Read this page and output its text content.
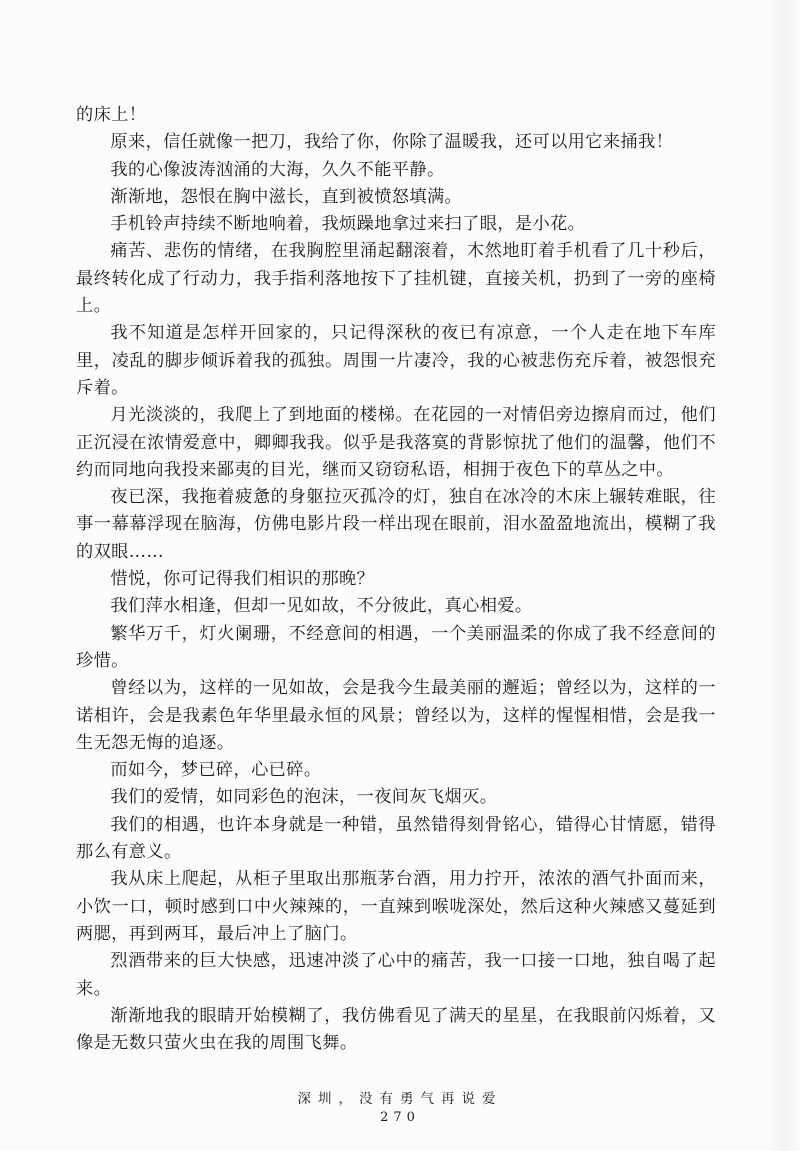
的床上！

原来，信任就像一把刀，我给了你，你除了温暖我，还可以用它来捅我！

我的心像波涛汹涌的大海，久久不能平静。

渐渐地，怨恨在胸中滋长，直到被愤怒填满。

手机铃声持续不断地响着，我烦躁地拿过来扫了眼，是小花。

痛苦、悲伤的情绪，在我胸腔里涌起翻滚着，木然地盯着手机看了几十秒后，最终转化成了行动力，我手指利落地按下了挂机键，直接关机，扔到了一旁的座椅上。

我不知道是怎样开回家的，只记得深秋的夜已有凉意，一个人走在地下车库里，凌乱的脚步倾诉着我的孤独。周围一片凄冷，我的心被悲伤充斥着，被怨恨充斥着。

月光淡淡的，我爬上了到地面的楼梯。在花园的一对情侣旁边擦肩而过，他们正沉浸在浓情爱意中，卿卿我我。似乎是我落寞的背影惊扰了他们的温馨，他们不约而同地向我投来鄙夷的目光，继而又窃窃私语，相拥于夜色下的草丛之中。

夜已深，我拖着疲惫的身躯拉灭孤冷的灯，独自在冰冷的木床上辗转难眠，往事一幕幕浮现在脑海，仿佛电影片段一样出现在眼前，泪水盈盈地流出，模糊了我的双眼……

惜悦，你可记得我们相识的那晚？

我们萍水相逢，但却一见如故，不分彼此，真心相爱。

繁华万千，灯火阑珊，不经意间的相遇，一个美丽温柔的你成了我不经意间的珍惜。

曾经以为，这样的一见如故，会是我今生最美丽的邂逅；曾经以为，这样的一诺相许，会是我素色年华里最永恒的风景；曾经以为，这样的惺惺相惜，会是我一生无怨无悔的追逐。

而如今，梦已碎，心已碎。

我们的爱情，如同彩色的泡沫，一夜间灰飞烟灭。

我们的相遇，也许本身就是一种错，虽然错得刻骨铭心，错得心甘情愿，错得那么有意义。

我从床上爬起，从柜子里取出那瓶茅台酒，用力拧开，浓浓的酒气扑面而来，小饮一口，顿时感到口中火辣辣的，一直辣到喉咙深处，然后这种火辣感又蔓延到两腮，再到两耳，最后冲上了脑门。

烈酒带来的巨大快感，迅速冲淡了心中的痛苦，我一口接一口地，独自喝了起来。

渐渐地我的眼睛开始模糊了，我仿佛看见了满天的星星，在我眼前闪烁着，又像是无数只萤火虫在我的周围飞舞。

深圳，没有勇气再说爱
270
